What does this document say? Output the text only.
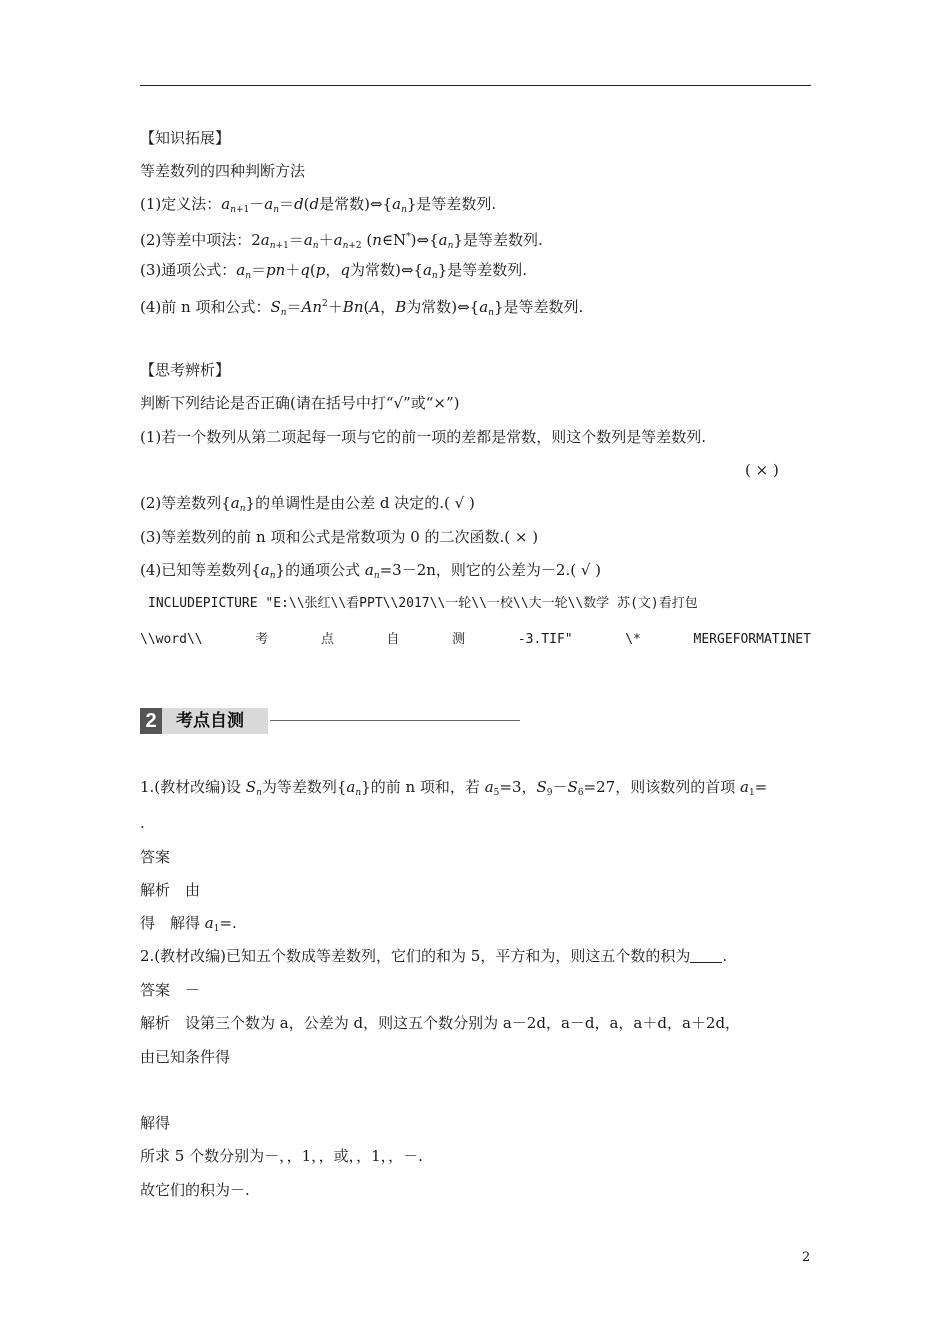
【知识拓展】
等差数列的四种判断方法
(1)定义法：$a_{n+1}-a_n=d(d$是常数)$\Leftrightarrow\{a_n\}$是等差数列.
(2)等差中项法：$2a_{n+1}=a_n+a_{n+2}$ $(n\in N^*)\Leftrightarrow\{a_n\}$是等差数列.
(3)通项公式：$a_n=pn+q(p$，q为常数)$\Leftrightarrow\{a_n\}$是等差数列.
(4)前 n 项和公式：$S_n=An^2+Bn(A$，B为常数)$\Leftrightarrow\{a_n\}$是等差数列.
【思考辨析】
判断下列结论是否正确(请在括号中打“√”或“×”)
(1)若一个数列从第二项起每一项与它的前一项的差都是常数，则这个数列是等差数列.
( × )
(2)等差数列$\{a_n\}$的单调性是由公差 d 决定的.( √ )
(3)等差数列的前 n 项和公式是常数项为 0 的二次函数.( × )
(4)已知等差数列$\{a_n\}$的通项公式 $a_n=3-2n$，则它的公差为－2.( √ )
INCLUDEPICTURE "E:\\张红\\看PPT\\2017\\一轮\\一校\\大一轮\\数学 苏(文)看打包
\\word\\	考	点	自	测	-3.TIF"	\*	MERGEFORMATINET
2	考点自测
1.(教材改编)设 $S_n$为等差数列$\{a_n\}$的前 n 项和，若 $a_5=3$，$S_9-S_6=27$，则该数列的首项 $a_1=$
.
答案
解析　由
得　解得 $a_1=$.
2.(教材改编)已知五个数成等差数列，它们的和为 5，平方和为，则这五个数的积为 .
答案　－
解析　设第三个数为 a，公差为 d，则这五个数分别为 a－2d，a－d，a，a＋d，a＋2d，
由已知条件得
解得
所求 5 个数分别为－，，1，，或，，1，，－.
故它们的积为－.
2
